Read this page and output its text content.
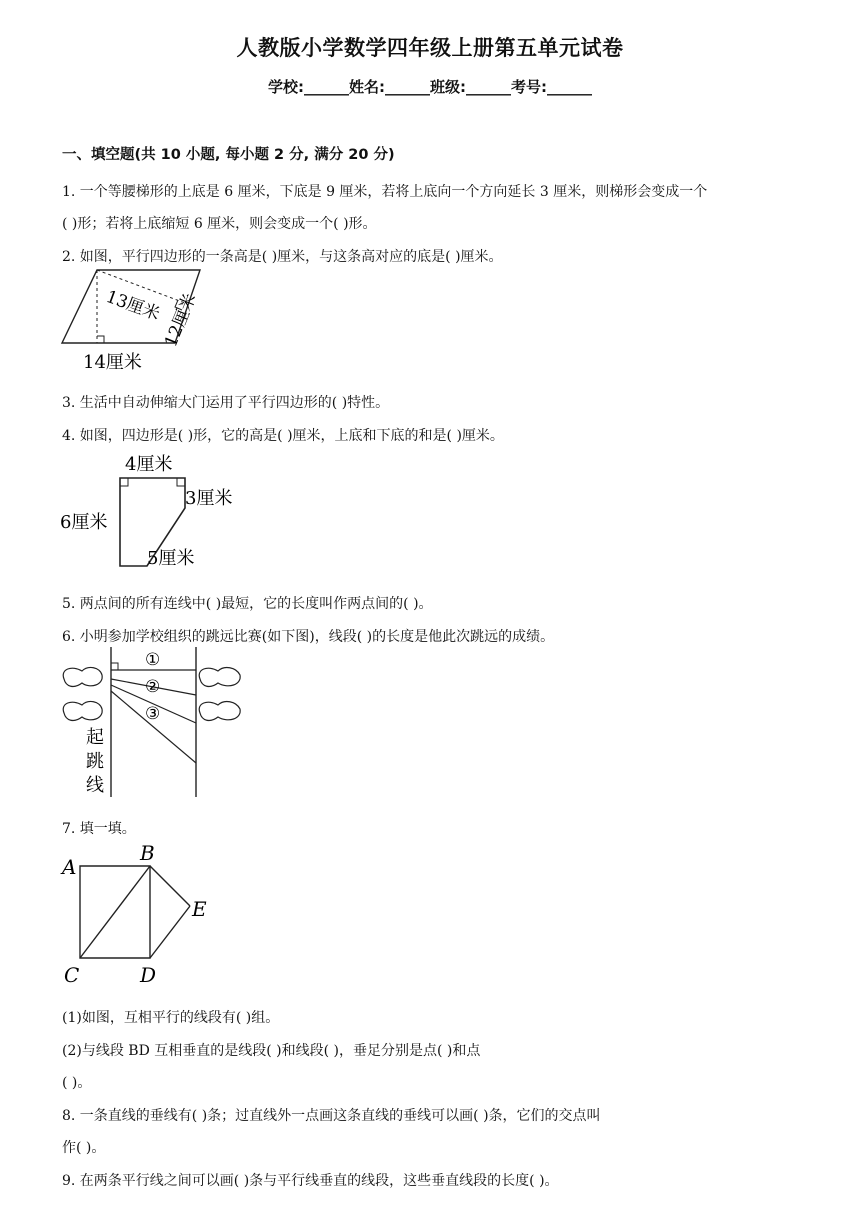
人教版小学数学四年级上册第五单元试卷
学校:______姓名:______班级:______考号:______
一、填空题(共 10 小题, 每小题 2 分, 满分 20 分)
1. 一个等腰梯形的上底是 6 厘米，下底是 9 厘米，若将上底向一个方向延长 3 厘米，则梯形会变成一个
( )形；若将上底缩短 6 厘米，则会变成一个( )形。
2. 如图，平行四边形的一条高是( )厘米，与这条高对应的底是( )厘米。
13厘米
12厘米
14厘米
3. 生活中自动伸缩大门运用了平行四边形的( )特性。
4. 如图，四边形是( )形，它的高是( )厘米，上底和下底的和是( )厘米。
4厘米
3厘米
6厘米
5厘米
5. 两点间的所有连线中( )最短，它的长度叫作两点间的( )。
6. 小明参加学校组织的跳远比赛(如下图)，线段( )的长度是他此次跳远的成绩。
①
②
③
起
跳
线
7. 填一填。
A
B
C	D
E
(1)如图，互相平行的线段有( )组。
(2)与线段 BD 互相垂直的是线段( )和线段( )，垂足分别是点( )和点
( )。
8. 一条直线的垂线有( )条；过直线外一点画这条直线的垂线可以画( )条，它们的交点叫
作( )。
9. 在两条平行线之间可以画( )条与平行线垂直的线段，这些垂直线段的长度( )。
